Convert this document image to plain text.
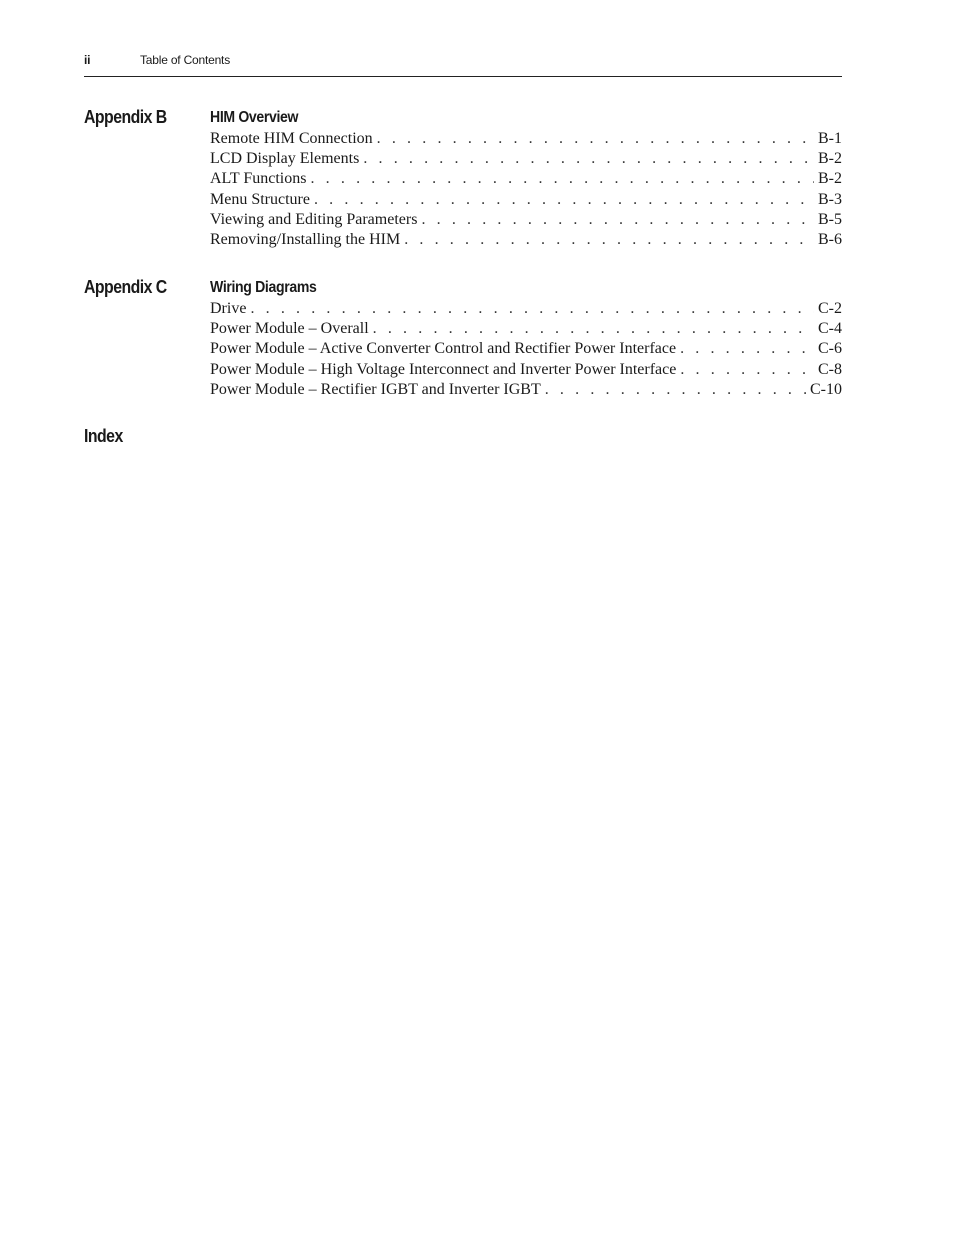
ii	Table of Contents
Appendix B	HIM Overview
Remote HIM Connection . . .	B-1
LCD Display Elements . . .	B-2
ALT Functions . . .	B-2
Menu Structure . . .	B-3
Viewing and Editing Parameters . . .	B-5
Removing/Installing the HIM . . .	B-6
Appendix C	Wiring Diagrams
Drive . . .	C-2
Power Module – Overall . . .	C-4
Power Module – Active Converter Control and Rectifier Power Interface . . .	C-6
Power Module – High Voltage Interconnect and Inverter Power Interface . . .	C-8
Power Module – Rectifier IGBT and Inverter IGBT . . .	C-10
Index
